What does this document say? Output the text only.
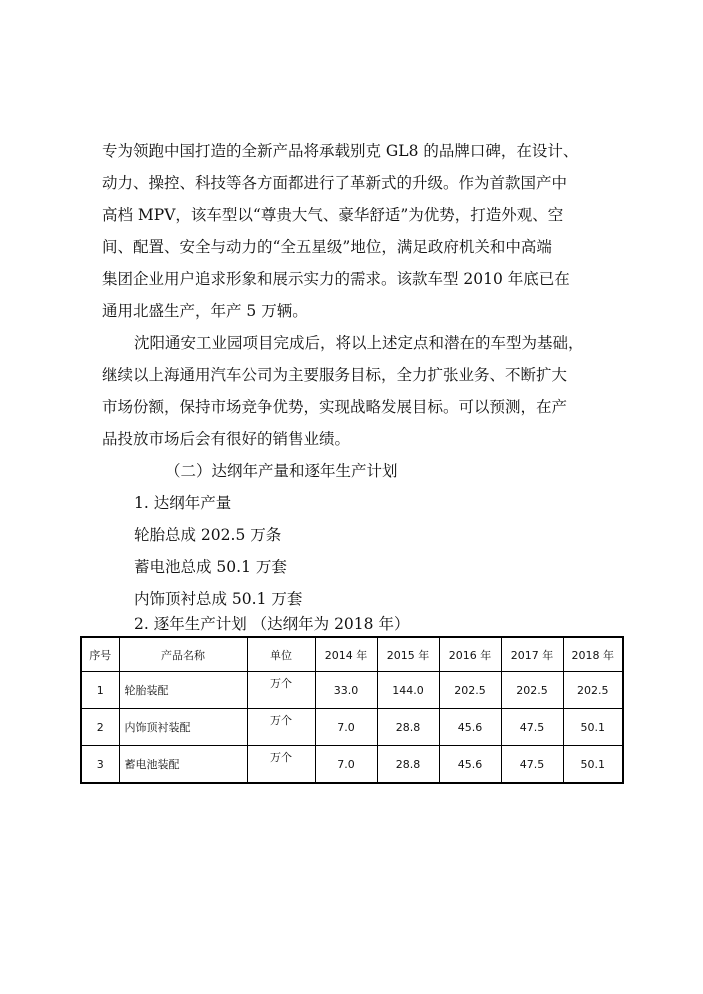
专为领跑中国打造的全新产品将承载别克 GL8 的品牌口碑，在设计、
动力、操控、科技等各方面都进行了革新式的升级。作为首款国产中
高档 MPV，该车型以“尊贵大气、豪华舒适”为优势，打造外观、空
间、配置、安全与动力的“全五星级”地位，满足政府机关和中高端
集团企业用户追求形象和展示实力的需求。该款车型 2010 年底已在
通用北盛生产，年产 5 万辆。
沈阳通安工业园项目完成后，将以上述定点和潜在的车型为基础，
继续以上海通用汽车公司为主要服务目标，全力扩张业务、不断扩大
市场份额，保持市场竞争优势，实现战略发展目标。可以预测，在产
品投放市场后会有很好的销售业绩。
（二）达纲年产量和逐年生产计划
1. 达纲年产量
轮胎总成 202.5 万条
蓄电池总成 50.1 万套
内饰顶衬总成 50.1 万套
2. 逐年生产计划 （达纲年为 2018 年）
序号	产品名称	单位	2014 年	2015 年	2016 年	2017 年	2018 年
1	轮胎装配	万个	33.0	144.0	202.5	202.5	202.5
2	内饰顶衬装配	万个	7.0	28.8	45.6	47.5	50.1
3	蓄电池装配	万个	7.0	28.8	45.6	47.5	50.1
